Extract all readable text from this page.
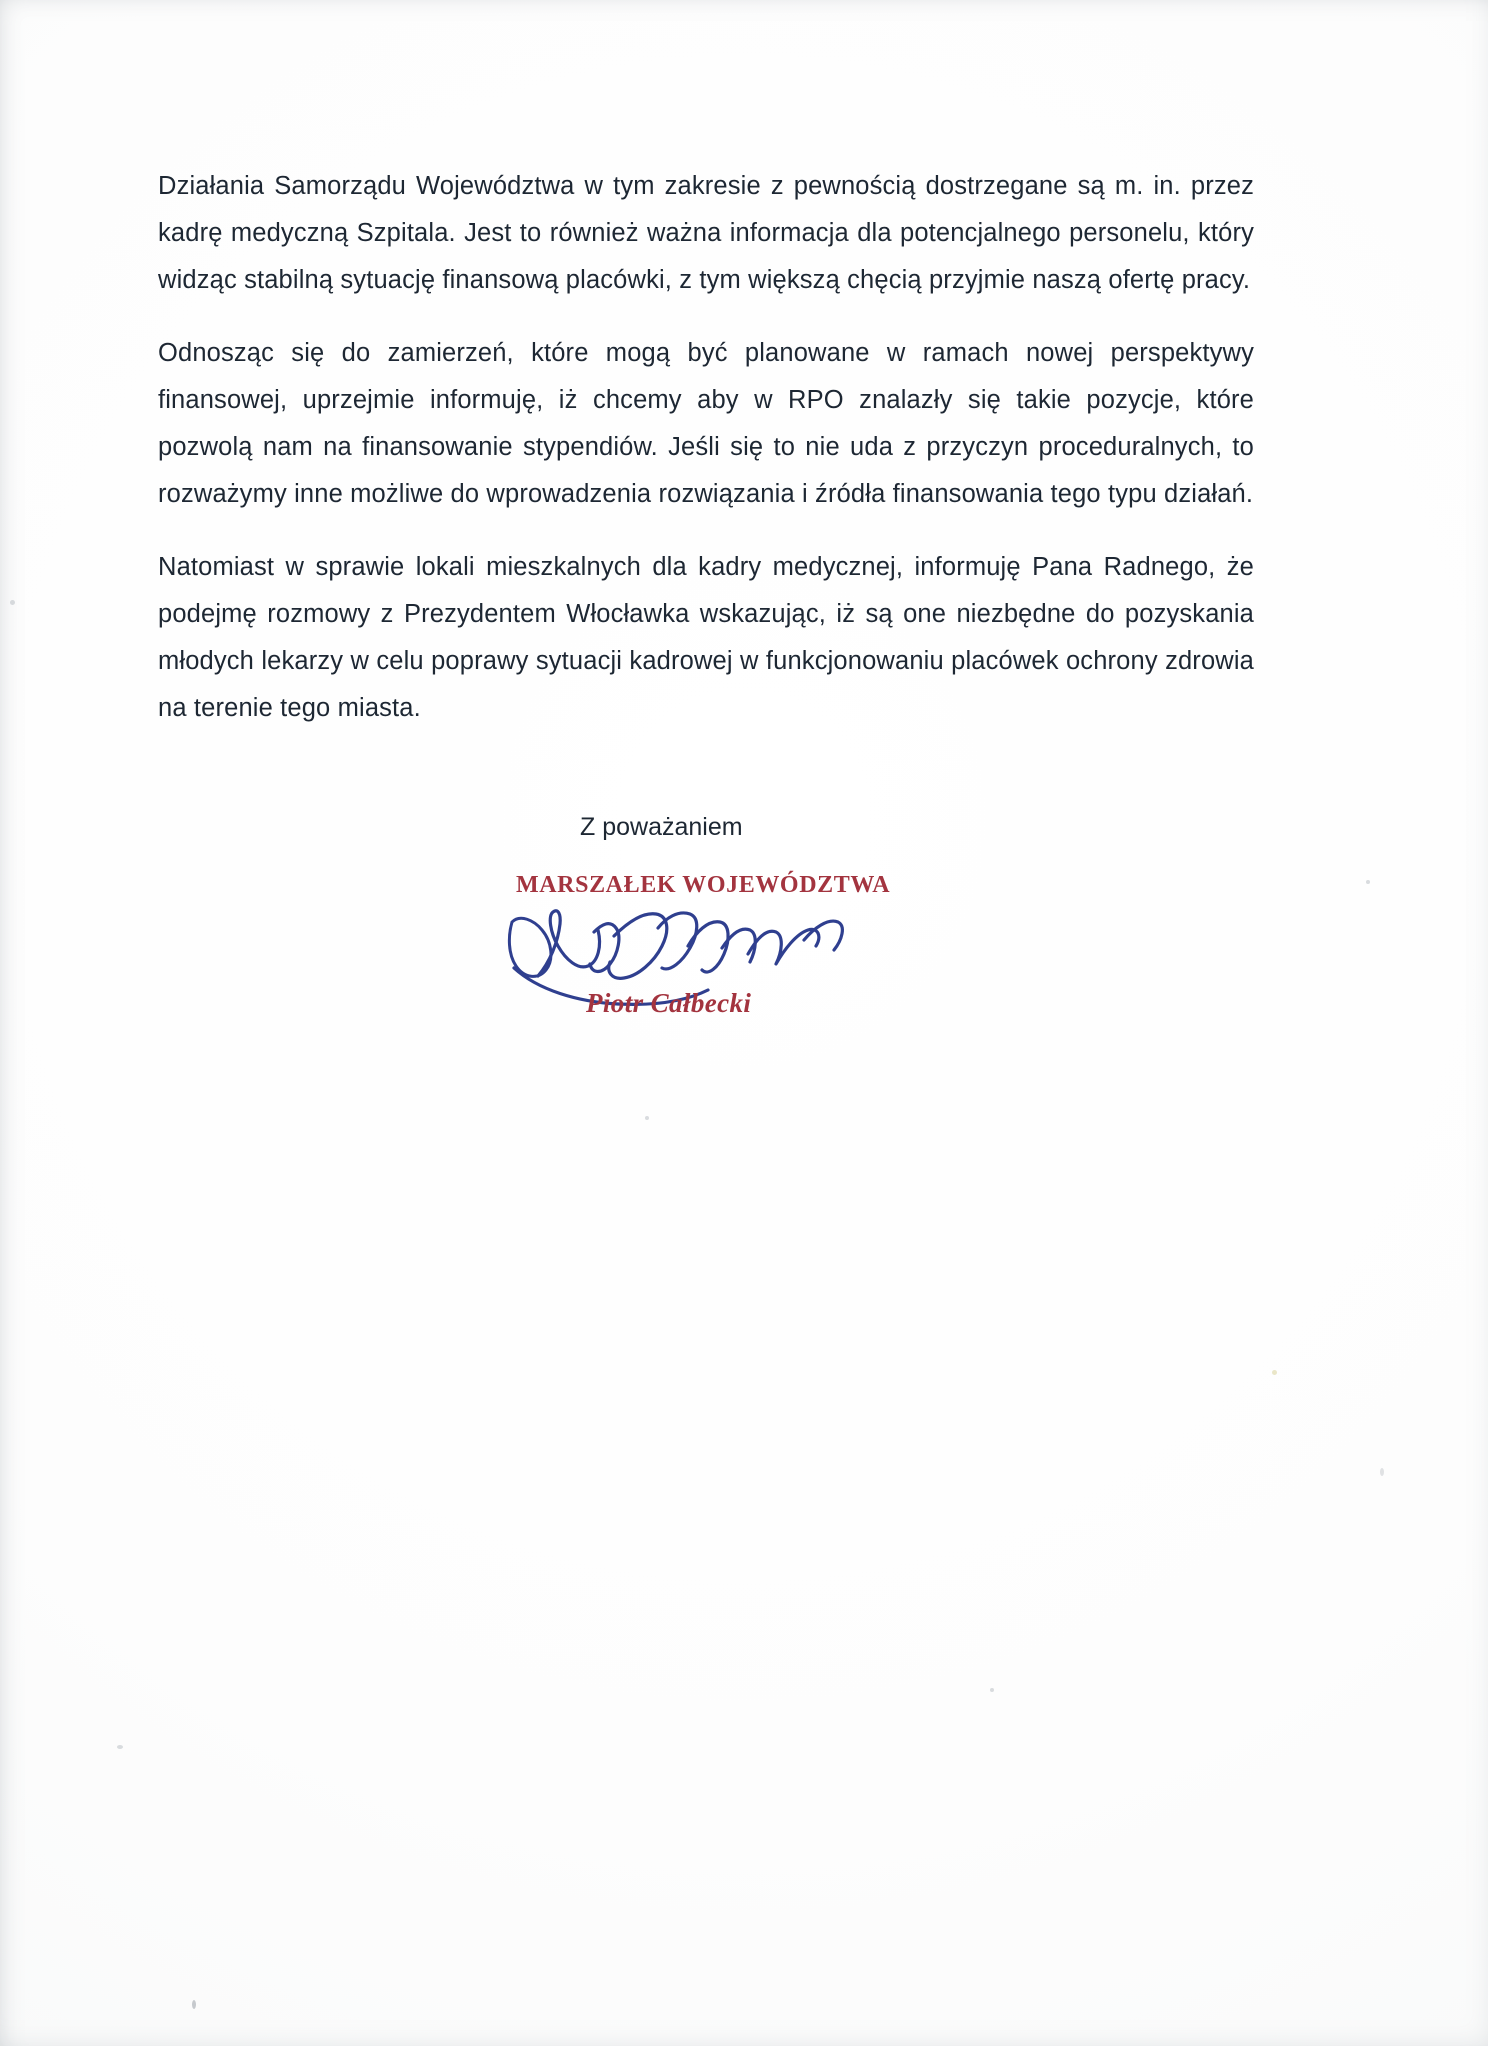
Działania Samorządu Województwa w tym zakresie z pewnością dostrzegane są m. in. przez kadrę medyczną Szpitala. Jest to również ważna informacja dla potencjalnego personelu, który widząc stabilną sytuację finansową placówki, z tym większą chęcią przyjmie naszą ofertę pracy.

Odnosząc się do zamierzeń, które mogą być planowane w ramach nowej perspektywy finansowej, uprzejmie informuję, iż chcemy aby w RPO znalazły się takie pozycje, które pozwolą nam na finansowanie stypendiów. Jeśli się to nie uda z przyczyn proceduralnych, to rozważymy inne możliwe do wprowadzenia rozwiązania i źródła finansowania tego typu działań.

Natomiast w sprawie lokali mieszkalnych dla kadry medycznej, informuję Pana Radnego, że podejmę rozmowy z Prezydentem Włocławka wskazując, iż są one niezbędne do pozyskania młodych lekarzy w celu poprawy sytuacji kadrowej w funkcjonowaniu placówek ochrony zdrowia na terenie tego miasta.

Z poważaniem
MARSZAŁEK WOJEWÓDZTWA
Piotr Całbecki
